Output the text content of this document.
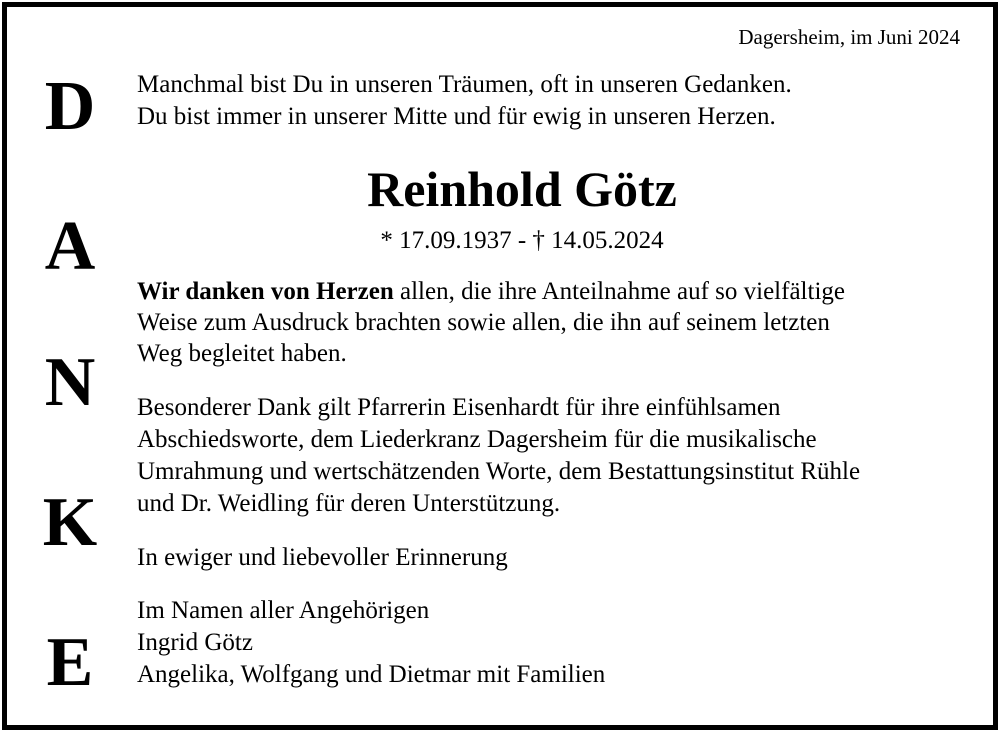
Dagersheim, im Juni 2024
D
A
N
K
E
Manchmal bist Du in unseren Träumen, oft in unseren Gedanken.
Du bist immer in unserer Mitte und für ewig in unseren Herzen.
Reinhold Götz
* 17.09.1937 - † 14.05.2024
Wir danken von Herzen allen, die ihre Anteilnahme auf so vielfältige
Weise zum Ausdruck brachten sowie allen, die ihn auf seinem letzten
Weg begleitet haben.
Besonderer Dank gilt Pfarrerin Eisenhardt für ihre einfühlsamen
Abschiedsworte, dem Liederkranz Dagersheim für die musikalische
Umrahmung und wertschätzenden Worte, dem Bestattungsinstitut Rühle
und Dr. Weidling für deren Unterstützung.
In ewiger und liebevoller Erinnerung
Im Namen aller Angehörigen
Ingrid Götz
Angelika, Wolfgang und Dietmar mit Familien
